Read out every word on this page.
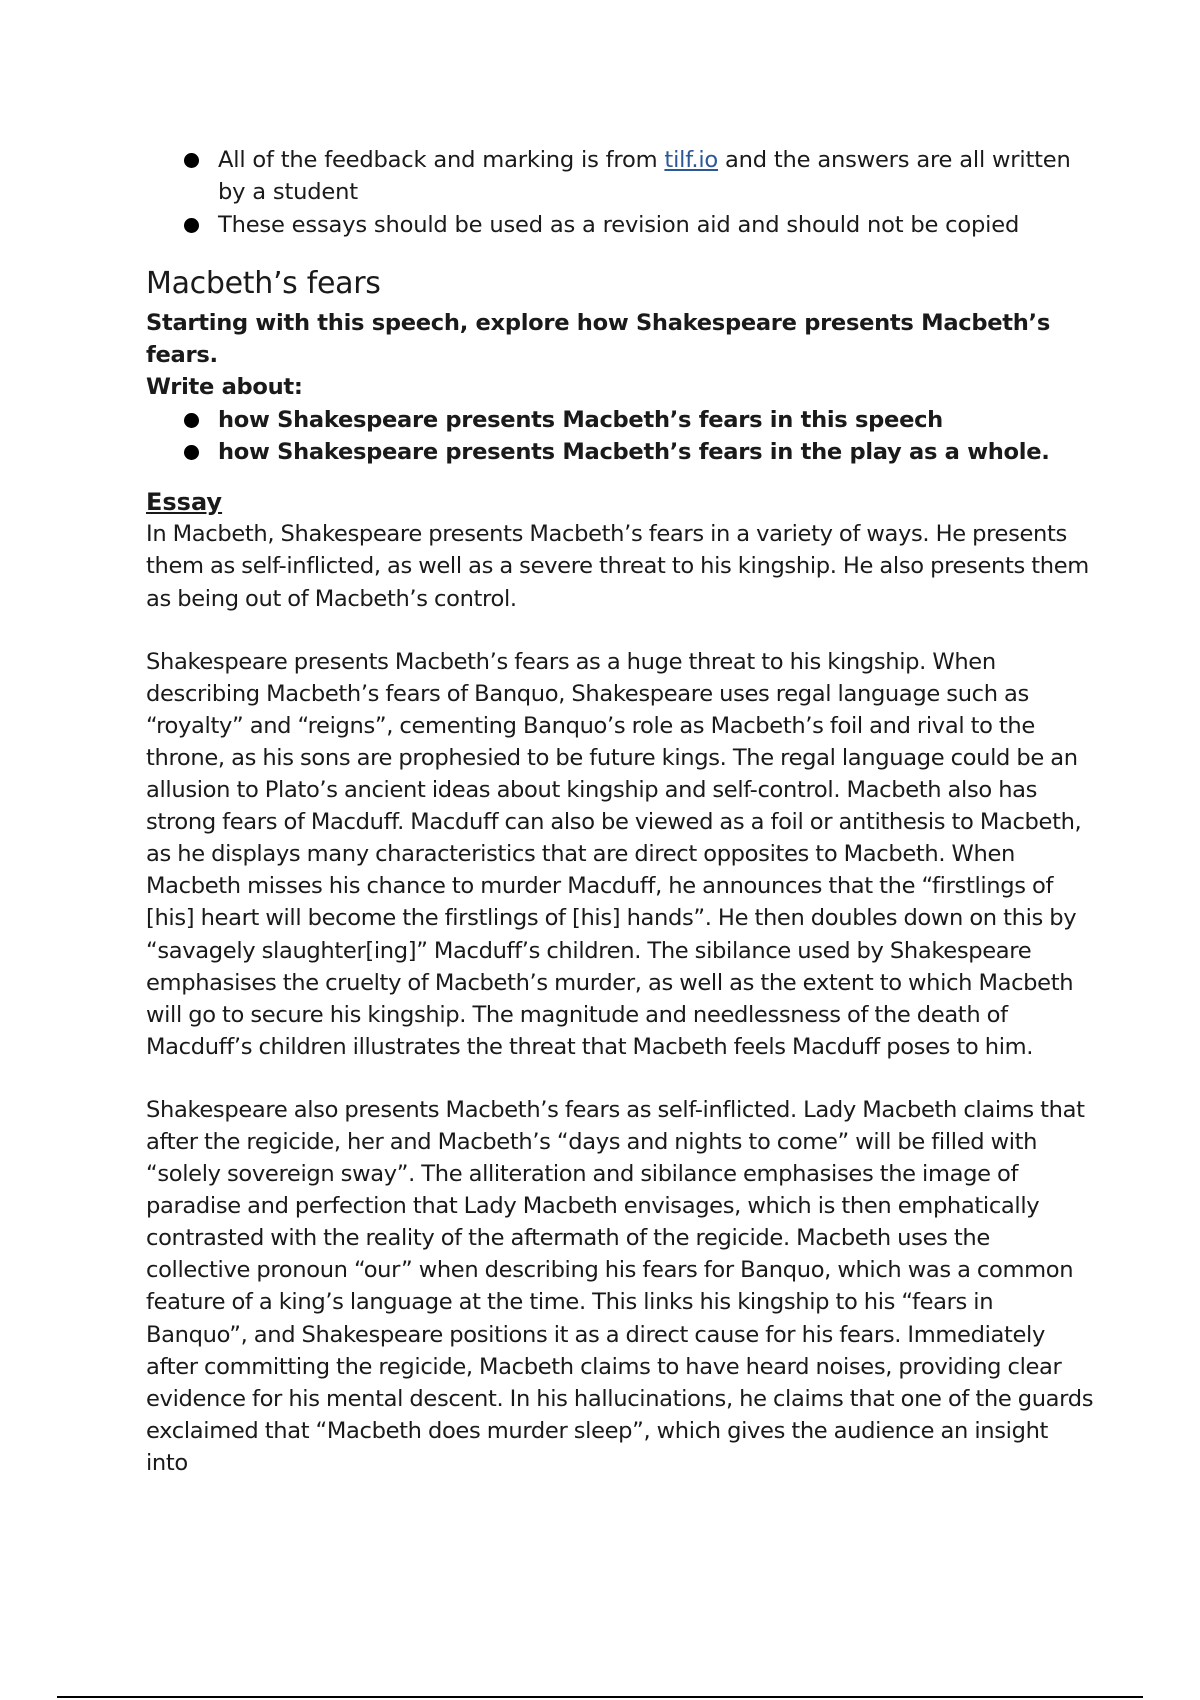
All of the feedback and marking is from tilf.io and the answers are all written by a student
These essays should be used as a revision aid and should not be copied
Macbeth’s fears
Starting with this speech, explore how Shakespeare presents Macbeth’s fears.
Write about:
how Shakespeare presents Macbeth’s fears in this speech
how Shakespeare presents Macbeth’s fears in the play as a whole.
Essay

In Macbeth, Shakespeare presents Macbeth’s fears in a variety of ways. He presents them as self-inflicted, as well as a severe threat to his kingship. He also presents them as being out of Macbeth’s control.

Shakespeare presents Macbeth’s fears as a huge threat to his kingship. When describing Macbeth’s fears of Banquo, Shakespeare uses regal language such as “royalty” and “reigns”, cementing Banquo’s role as Macbeth’s foil and rival to the throne, as his sons are prophesied to be future kings. The regal language could be an allusion to Plato’s ancient ideas about kingship and self-control. Macbeth also has strong fears of Macduff. Macduff can also be viewed as a foil or antithesis to Macbeth, as he displays many characteristics that are direct opposites to Macbeth. When Macbeth misses his chance to murder Macduff, he announces that the “firstlings of [his] heart will become the firstlings of [his] hands”. He then doubles down on this by “savagely slaughter[ing]” Macduff’s children. The sibilance used by Shakespeare emphasises the cruelty of Macbeth’s murder, as well as the extent to which Macbeth will go to secure his kingship. The magnitude and needlessness of the death of Macduff’s children illustrates the threat that Macbeth feels Macduff poses to him.

Shakespeare also presents Macbeth’s fears as self-inflicted. Lady Macbeth claims that after the regicide, her and Macbeth’s “days and nights to come” will be filled with “solely sovereign sway”. The alliteration and sibilance emphasises the image of paradise and perfection that Lady Macbeth envisages, which is then emphatically contrasted with the reality of the aftermath of the regicide. Macbeth uses the collective pronoun “our” when describing his fears for Banquo, which was a common feature of a king’s language at the time. This links his kingship to his “fears in Banquo”, and Shakespeare positions it as a direct cause for his fears. Immediately after committing the regicide, Macbeth claims to have heard noises, providing clear evidence for his mental descent. In his hallucinations, he claims that one of the guards exclaimed that “Macbeth does murder sleep”, which gives the audience an insight into
